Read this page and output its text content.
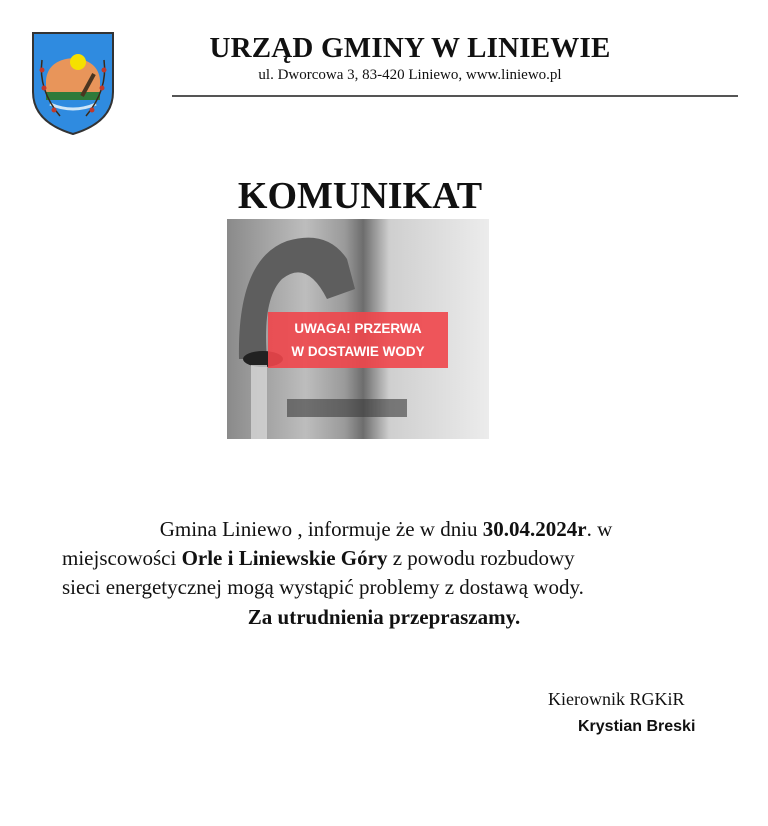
URZĄD GMINY W LINIEWIE
ul. Dworcowa 3, 83-420 Liniewo, www.liniewo.pl
KOMUNIKAT
UWAGA! PRZERWA
W DOSTAWIE WODY
Gmina Liniewo , informuje że w dniu 30.04.2024r. w
miejscowości Orle i Liniewskie Góry z powodu rozbudowy
sieci energetycznej mogą wystąpić problemy z dostawą wody.
Za utrudnienia przepraszamy.
Kierownik RGKiR
Krystian Breski
